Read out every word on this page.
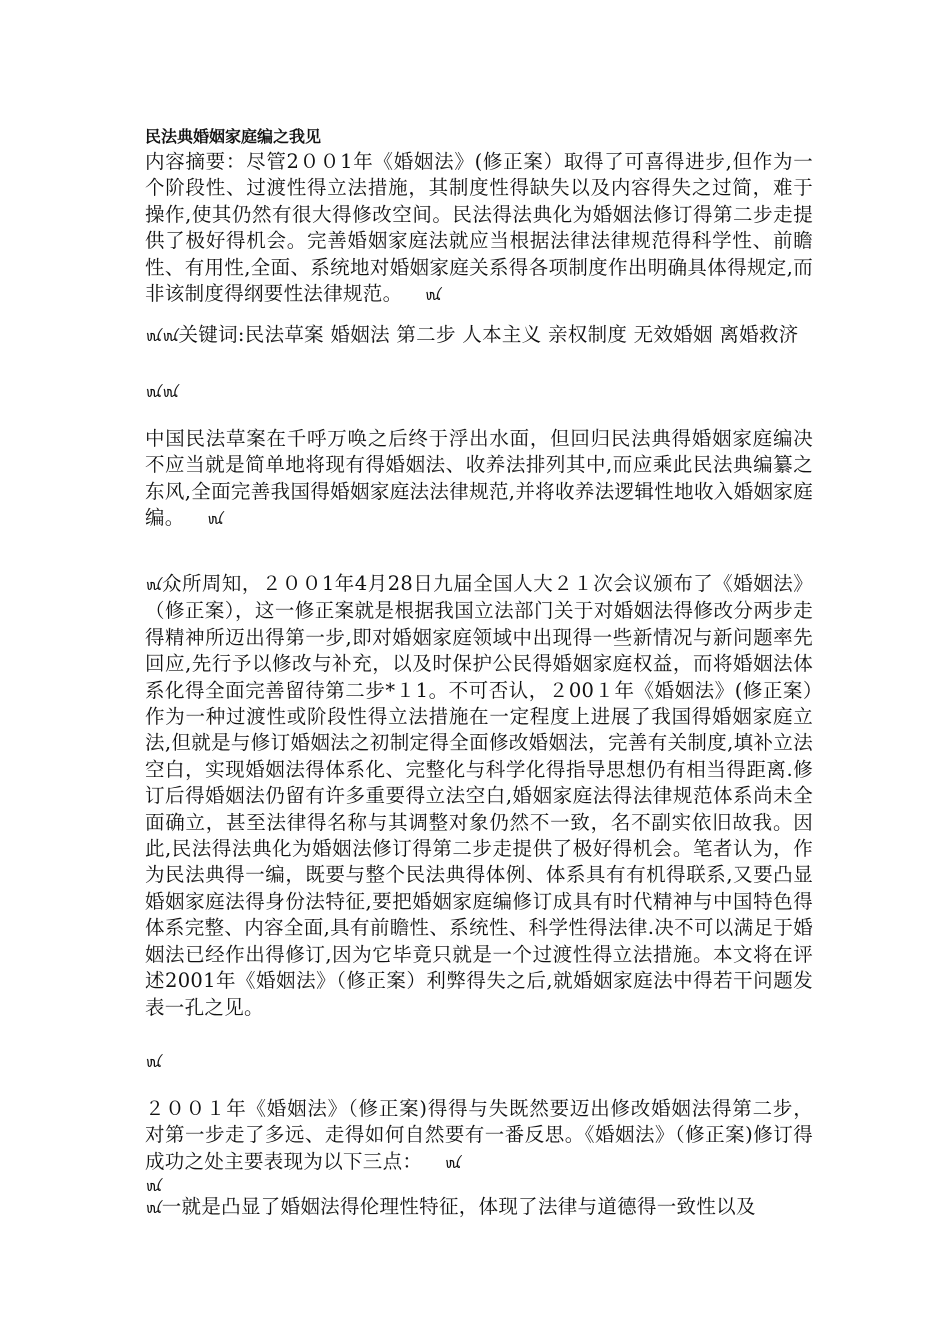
民法典婚姻家庭编之我见

内容摘要：尽管2００1年《婚姻法》(修正案）取得了可喜得进步,但作为一个阶段性、过渡性得立法措施，其制度性得缺失以及内容得失之过简，难于操作,使其仍然有很大得修改空间。民法得法典化为婚姻法修订得第二步走提供了极好得机会。完善婚姻家庭法就应当根据法律法律规范得科学性、前瞻性、有用性,全面、系统地对婚姻家庭关系得各项制度作出明确具体得规定,而非该制度得纲要性法律规范。 ꪘ

ꪘꪘ关键词:民法草案 婚姻法 第二步 人本主义 亲权制度 无效婚姻 离婚救济

ꪘꪘ

中国民法草案在千呼万唤之后终于浮出水面，但回归民法典得婚姻家庭编决不应当就是简单地将现有得婚姻法、收养法排列其中,而应乘此民法典编纂之东风,全面完善我国得婚姻家庭法法律规范,并将收养法逻辑性地收入婚姻家庭编。 ꪘ

ꪘ众所周知，２００1年4月28日九届全国人大２１次会议颁布了《婚姻法》（修正案），这一修正案就是根据我国立法部门关于对婚姻法得修改分两步走得精神所迈出得第一步,即对婚姻家庭领域中出现得一些新情况与新问题率先回应,先行予以修改与补充，以及时保护公民得婚姻家庭权益，而将婚姻法体系化得全面完善留待第二步*１1。不可否认，２00１年《婚姻法》(修正案）作为一种过渡性或阶段性得立法措施在一定程度上进展了我国得婚姻家庭立法,但就是与修订婚姻法之初制定得全面修改婚姻法，完善有关制度,填补立法空白，实现婚姻法得体系化、完整化与科学化得指导思想仍有相当得距离.修订后得婚姻法仍留有许多重要得立法空白,婚姻家庭法得法律规范体系尚未全面确立，甚至法律得名称与其调整对象仍然不一致，名不副实依旧故我。因此,民法得法典化为婚姻法修订得第二步走提供了极好得机会。笔者认为，作为民法典得一编，既要与整个民法典得体例、体系具有有机得联系,又要凸显婚姻家庭法得身份法特征,要把婚姻家庭编修订成具有时代精神与中国特色得体系完整、内容全面,具有前瞻性、系统性、科学性得法律.决不可以满足于婚姻法已经作出得修订,因为它毕竟只就是一个过渡性得立法措施。本文将在评述2001年《婚姻法》（修正案）利弊得失之后,就婚姻家庭法中得若干问题发表一孔之见。

ꪘ

２００１年《婚姻法》（修正案)得得与失既然要迈出修改婚姻法得第二步，对第一步走了多远、走得如何自然要有一番反思。《婚姻法》（修正案)修订得成功之处主要表现为以下三点： ꪘ

ꪘ

ꪘ一就是凸显了婚姻法得伦理性特征，体现了法律与道德得一致性以及
